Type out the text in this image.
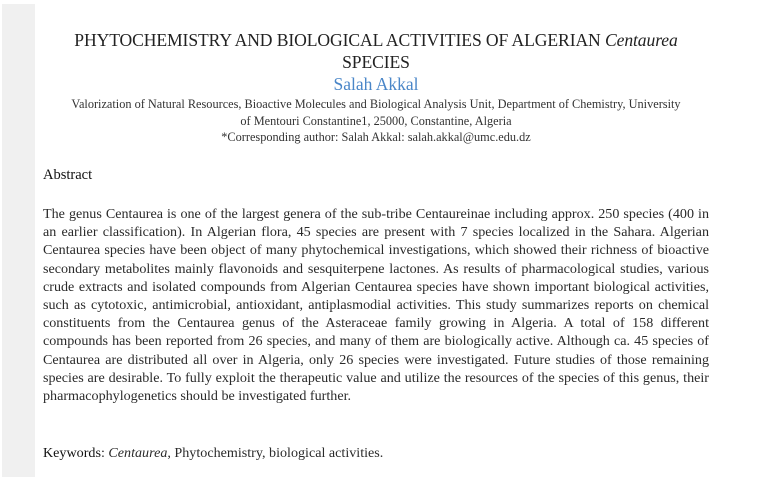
PHYTOCHEMISTRY AND BIOLOGICAL ACTIVITIES OF ALGERIAN Centaurea
SPECIES
Salah Akkal
Valorization of Natural Resources, Bioactive Molecules and Biological Analysis Unit, Department of Chemistry, University
of Mentouri Constantine1, 25000, Constantine, Algeria
*Corresponding author: Salah Akkal: salah.akkal@umc.edu.dz
Abstract
The genus Centaurea is one of the largest genera of the sub-tribe Centaureinae including approx. 250 species (400 in an earlier classification). In Algerian flora, 45 species are present with 7 species localized in the Sahara. Algerian Centaurea species have been object of many phytochemical investigations, which showed their richness of bioactive secondary metabolites mainly flavonoids and sesquiterpene lactones. As results of pharmacological studies, various crude extracts and isolated compounds from Algerian Centaurea species have shown important biological activities, such as cytotoxic, antimicrobial, antioxidant, antiplasmodial activities. This study summarizes reports on chemical constituents from the Centaurea genus of the Asteraceae family growing in Algeria. A total of 158 different compounds has been reported from 26 species, and many of them are biologically active. Although ca. 45 species of Centaurea are distributed all over in Algeria, only 26 species were investigated. Future studies of those remaining species are desirable. To fully exploit the therapeutic value and utilize the resources of the species of this genus, their pharmacophylogenetics should be investigated further.
Keywords: Centaurea, Phytochemistry, biological activities.
